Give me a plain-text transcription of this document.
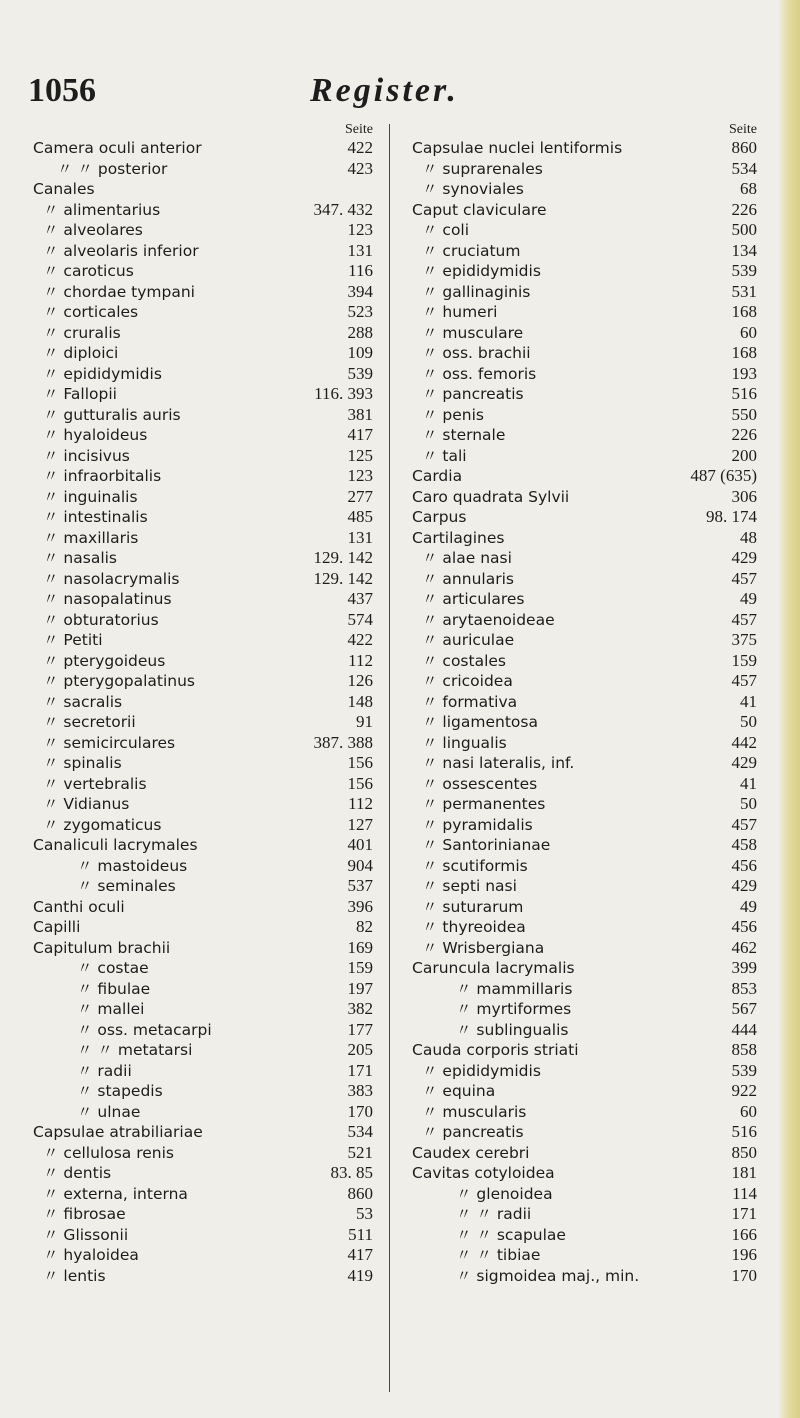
1056	Register.
Seite
Camera oculi anterior	422
〃 〃 posterior	423
Canales
〃 alimentarius	347. 432
〃 alveolares	123
〃 alveolaris inferior	131
〃 caroticus	116
〃 chordae tympani	394
〃 corticales	523
〃 cruralis	288
〃 diploici	109
〃 epididymidis	539
〃 Fallopii	116. 393
〃 gutturalis auris	381
〃 hyaloideus	417
〃 incisivus	125
〃 infraorbitalis	123
〃 inguinalis	277
〃 intestinalis	485
〃 maxillaris	131
〃 nasalis	129. 142
〃 nasolacrymalis	129. 142
〃 nasopalatinus	437
〃 obturatorius	574
〃 Petiti	422
〃 pterygoideus	112
〃 pterygopalatinus	126
〃 sacralis	148
〃 secretorii	91
〃 semicirculares	387. 388
〃 spinalis	156
〃 vertebralis	156
〃 Vidianus	112
〃 zygomaticus	127
Canaliculi lacrymales	401
〃 mastoideus	904
〃 seminales	537
Canthi oculi	396
Capilli	82
Capitulum brachii	169
〃 costae	159
〃 fibulae	197
〃 mallei	382
〃 oss. metacarpi	177
〃 〃 metatarsi	205
〃 radii	171
〃 stapedis	383
〃 ulnae	170
Capsulae atrabiliariae	534
〃 cellulosa renis	521
〃 dentis	83. 85
〃 externa, interna	860
〃 fibrosae	53
〃 Glissonii	511
〃 hyaloidea	417
〃 lentis	419
Seite
Capsulae nuclei lentiformis	860
〃 suprarenales	534
〃 synoviales	68
Caput claviculare	226
〃 coli	500
〃 cruciatum	134
〃 epididymidis	539
〃 gallinaginis	531
〃 humeri	168
〃 musculare	60
〃 oss. brachii	168
〃 oss. femoris	193
〃 pancreatis	516
〃 penis	550
〃 sternale	226
〃 tali	200
Cardia	487 (635)
Caro quadrata Sylvii	306
Carpus	98. 174
Cartilagines	48
〃 alae nasi	429
〃 annularis	457
〃 articulares	49
〃 arytaenoideae	457
〃 auriculae	375
〃 costales	159
〃 cricoidea	457
〃 formativa	41
〃 ligamentosa	50
〃 lingualis	442
〃 nasi lateralis, inf.	429
〃 ossescentes	41
〃 permanentes	50
〃 pyramidalis	457
〃 Santorinianae	458
〃 scutiformis	456
〃 septi nasi	429
〃 suturarum	49
〃 thyreoidea	456
〃 Wrisbergiana	462
Caruncula lacrymalis	399
〃 mammillaris	853
〃 myrtiformes	567
〃 sublingualis	444
Cauda corporis striati	858
〃 epididymidis	539
〃 equina	922
〃 muscularis	60
〃 pancreatis	516
Caudex cerebri	850
Cavitas cotyloidea	181
〃 glenoidea	114
〃 〃 radii	171
〃 〃 scapulae	166
〃 〃 tibiae	196
〃 sigmoidea maj., min.	170
